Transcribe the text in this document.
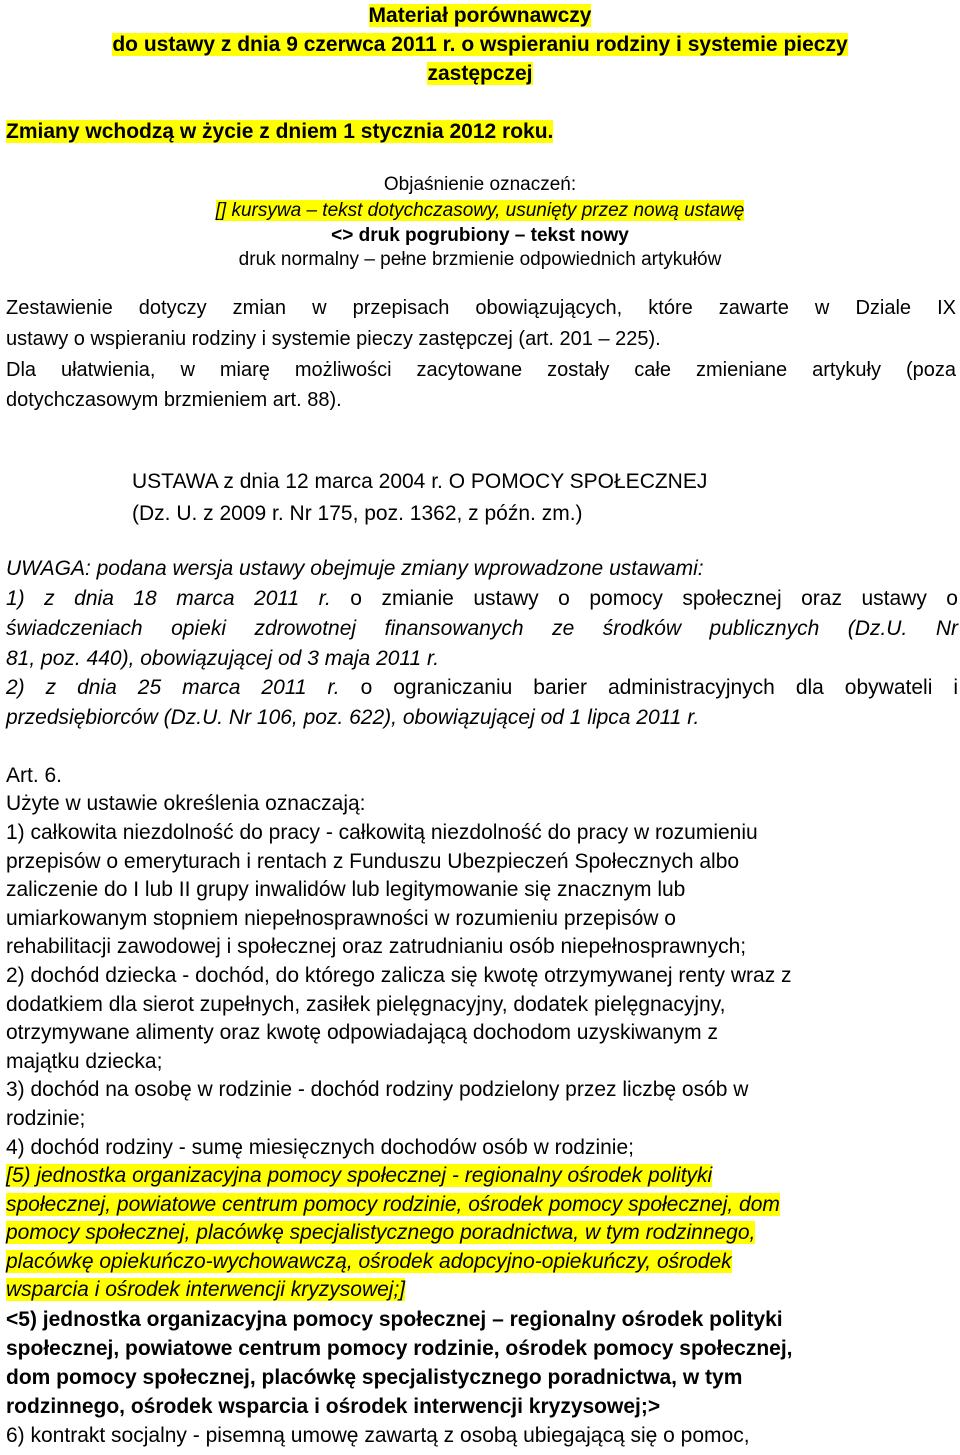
Materiał porównawczy
do ustawy z dnia 9 czerwca 2011 r. o wspieraniu rodziny i systemie pieczy
zastępczej
Zmiany wchodzą w życie z dniem 1 stycznia 2012 roku.
Objaśnienie oznaczeń:
[] kursywa – tekst dotychczasowy, usunięty przez nową ustawę
<> druk pogrubiony – tekst nowy
druk normalny – pełne brzmienie odpowiednich artykułów
Zestawienie dotyczy zmian w przepisach obowiązujących, które zawarte w Dziale IX
ustawy o wspieraniu rodziny i systemie pieczy zastępczej (art. 201 – 225).
Dla ułatwienia, w miarę możliwości zacytowane zostały całe zmieniane artykuły (poza
dotychczasowym brzmieniem art. 88).
USTAWA z dnia 12 marca 2004 r. O POMOCY SPOŁECZNEJ
(Dz. U. z 2009 r. Nr 175, poz. 1362, z późn. zm.)
UWAGA: podana wersja ustawy obejmuje zmiany wprowadzone ustawami:
1) z dnia 18 marca 2011 r. o zmianie ustawy o pomocy społecznej oraz ustawy o
świadczeniach opieki zdrowotnej finansowanych ze środków publicznych (Dz.U. Nr
81, poz. 440), obowiązującej od 3 maja 2011 r.
2) z dnia 25 marca 2011 r. o ograniczaniu barier administracyjnych dla obywateli i
przedsiębiorców (Dz.U. Nr 106, poz. 622), obowiązującej od 1 lipca 2011 r.
Art. 6.
Użyte w ustawie określenia oznaczają:
1) całkowita niezdolność do pracy - całkowitą niezdolność do pracy w rozumieniu
przepisów o emeryturach i rentach z Funduszu Ubezpieczeń Społecznych albo
zaliczenie do I lub II grupy inwalidów lub legitymowanie się znacznym lub
umiarkowanym stopniem niepełnosprawności w rozumieniu przepisów o
rehabilitacji zawodowej i społecznej oraz zatrudnianiu osób niepełnosprawnych;
2) dochód dziecka - dochód, do którego zalicza się kwotę otrzymywanej renty wraz z
dodatkiem dla sierot zupełnych, zasiłek pielęgnacyjny, dodatek pielęgnacyjny,
otrzymywane alimenty oraz kwotę odpowiadającą dochodom uzyskiwanym z
majątku dziecka;
3) dochód na osobę w rodzinie - dochód rodziny podzielony przez liczbę osób w
rodzinie;
4) dochód rodziny - sumę miesięcznych dochodów osób w rodzinie;
[5) jednostka organizacyjna pomocy społecznej - regionalny ośrodek polityki
społecznej, powiatowe centrum pomocy rodzinie, ośrodek pomocy społecznej, dom
pomocy społecznej, placówkę specjalistycznego poradnictwa, w tym rodzinnego,
placówkę opiekuńczo-wychowawczą, ośrodek adopcyjno-opiekuńczy, ośrodek
wsparcia i ośrodek interwencji kryzysowej;]
<5) jednostka organizacyjna pomocy społecznej – regionalny ośrodek polityki
społecznej, powiatowe centrum pomocy rodzinie, ośrodek pomocy społecznej,
dom pomocy społecznej, placówkę specjalistycznego poradnictwa, w tym
rodzinnego, ośrodek wsparcia i ośrodek interwencji kryzysowej;>
6) kontrakt socjalny - pisemną umowę zawartą z osobą ubiegającą się o pomoc,
